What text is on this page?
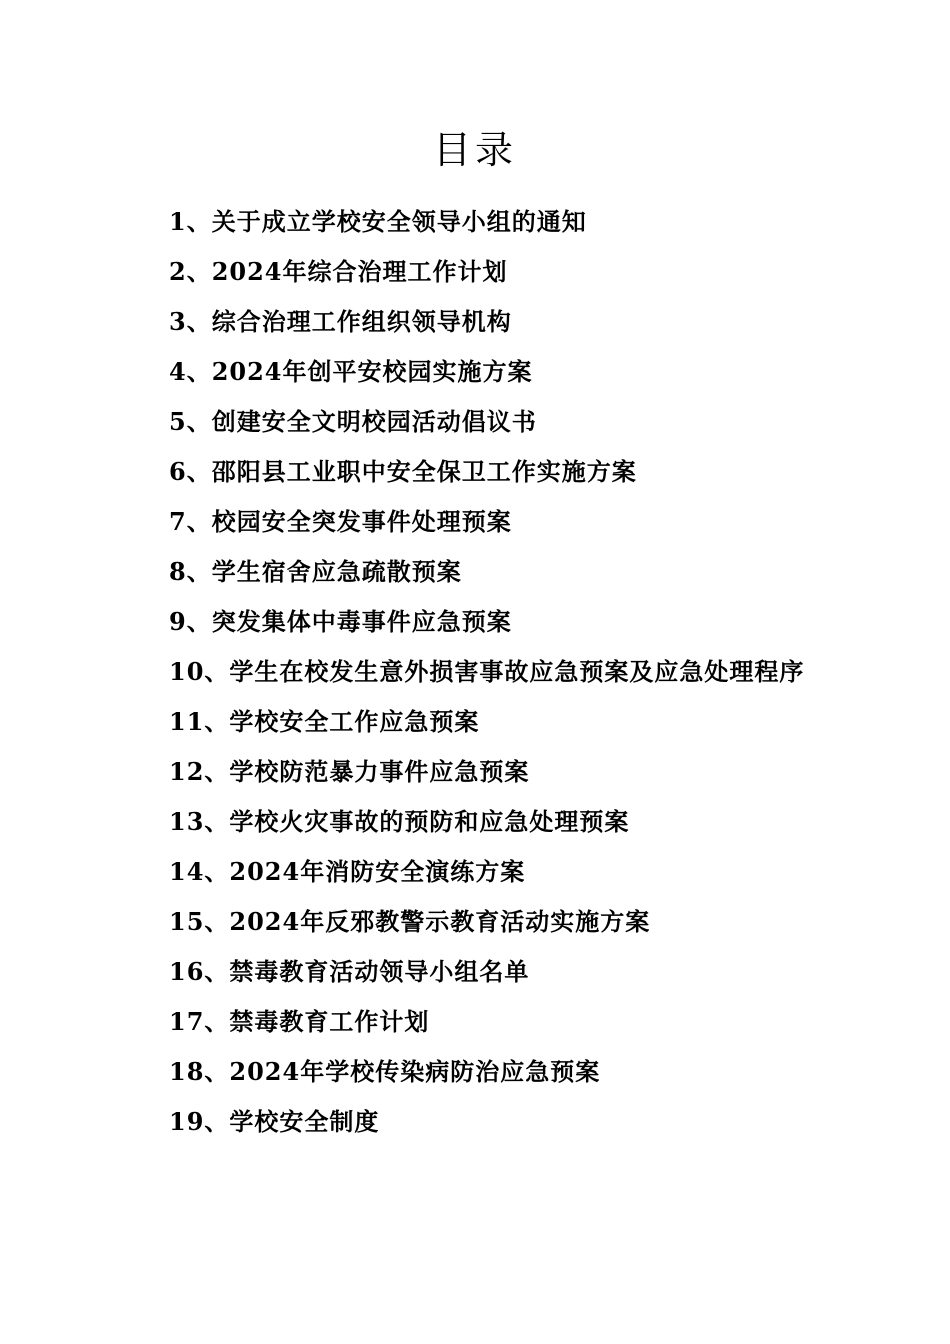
目录
1、关于成立学校安全领导小组的通知
2、2024年综合治理工作计划
3、综合治理工作组织领导机构
4、2024年创平安校园实施方案
5、创建安全文明校园活动倡议书
6、邵阳县工业职中安全保卫工作实施方案
7、校园安全突发事件处理预案
8、学生宿舍应急疏散预案
9、突发集体中毒事件应急预案
10、学生在校发生意外损害事故应急预案及应急处理程序
11、学校安全工作应急预案
12、学校防范暴力事件应急预案
13、学校火灾事故的预防和应急处理预案
14、2024年消防安全演练方案
15、2024年反邪教警示教育活动实施方案
16、禁毒教育活动领导小组名单
17、禁毒教育工作计划
18、2024年学校传染病防治应急预案
19、学校安全制度
